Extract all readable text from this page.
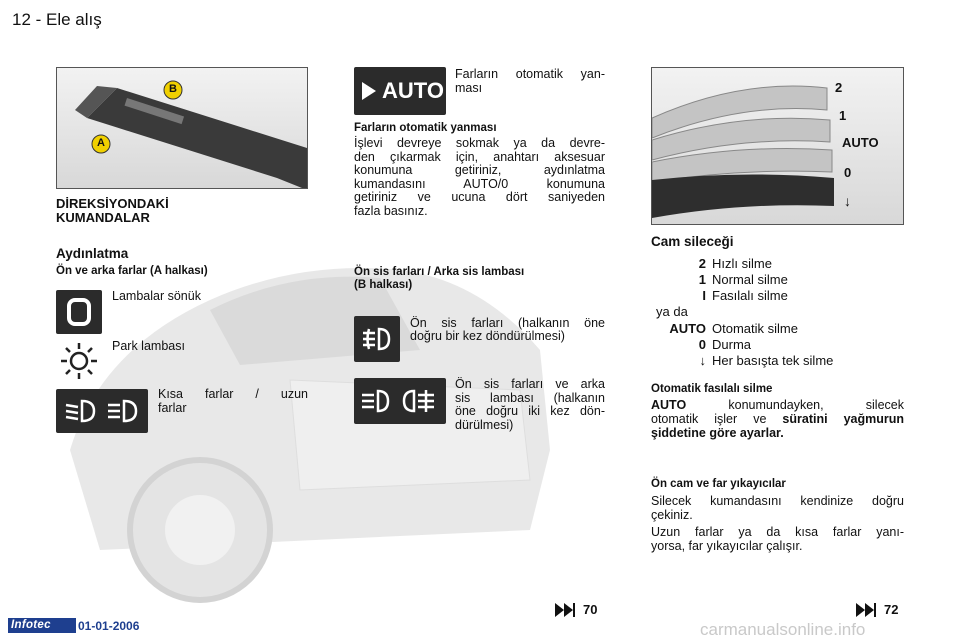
12 - Ele alış
A
B
DİREKSİYONDAKİ
KUMANDALAR
Aydınlatma
Ön ve arka farlar (A halkası)
Lambalar sönük
Park lambası
Kısa farlar / uzun
farlar
AUTO
Farların otomatik yan-
ması
Farların otomatik yanması
İşlevi devreye sokmak ya da devre-
den çıkarmak için, anahtarı aksesuar
konumuna getiriniz, aydınlatma
kumandasını AUTO/0 konumuna
getiriniz ve ucuna dört saniyeden
fazla basınız.
Ön sis farları / Arka sis lambası
(B halkası)
Ön sis farları (halkanın öne
doğru bir kez döndürülmesi)
Ön sis farları ve arka
sis lambası (halkanın
öne doğru iki kez dön-
dürülmesi)
2
1
AUTO
0
↓
Cam sileceği
2 Hızlı silme
1 Normal silme
I Fasılalı silme
ya da
AUTO Otomatik silme
0 Durma
↓ Her basışta tek silme
Otomatik fasılalı silme
AUTO	konumundayken, silecek
otomatik işler ve süratini yağmurun
şiddetine göre ayarlar.
Ön cam ve far yıkayıcılar
Silecek kumandasını kendinize doğru
çekiniz.
Uzun farlar ya da kısa farlar yanı-
yorsa, far yıkayıcılar çalışır.
70	72
Infotec	01-01-2006	carmanualsonline.info
